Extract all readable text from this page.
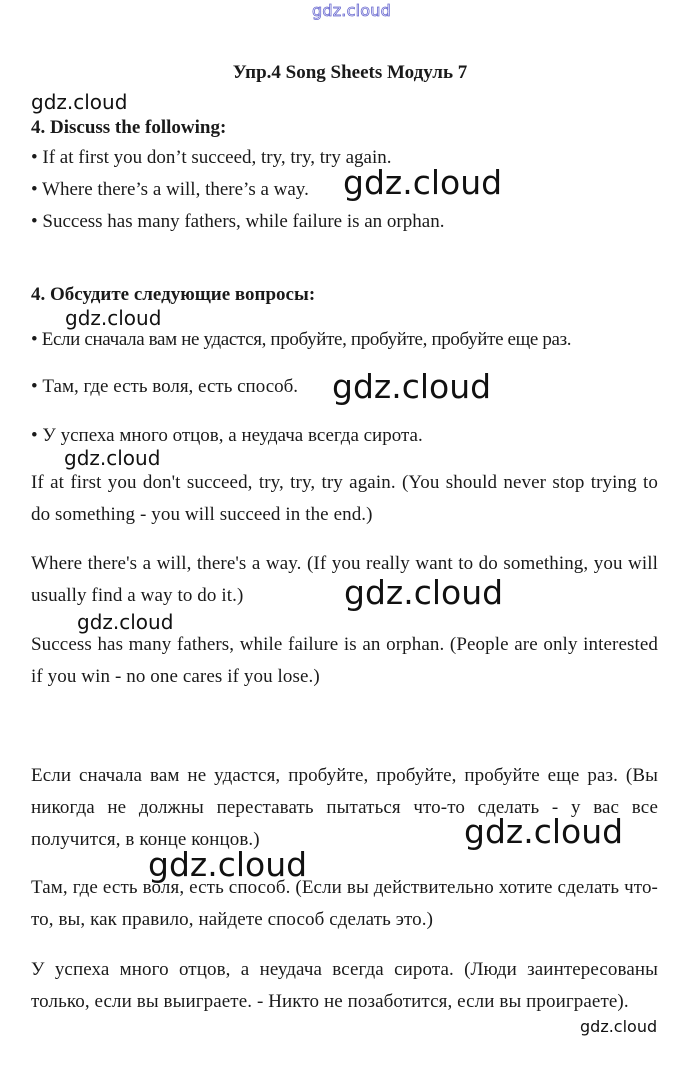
gdz.cloud
gdz.cloud
gdz.cloud
gdz.cloud
gdz.cloud
gdz.cloud
gdz.cloud
gdz.cloud
gdz.cloud
gdz.cloud
gdz.cloud
Упр.4 Song Sheets Модуль 7
4. Discuss the following:
• If at first you don’t succeed, try, try, try again.
• Where there’s a will, there’s a way.
• Success has many fathers, while failure is an orphan.
4. Обсудите следующие вопросы:
• Если сначала вам не удастся, пробуйте, пробуйте, пробуйте еще раз.
• Там, где есть воля, есть способ.
• У успеха много отцов, а неудача всегда сирота.
If at first you don't succeed, try, try, try again. (You should never stop trying to do something - you will succeed in the end.)
Where there's a will, there's a way. (If you really want to do something, you will usually find a way to do it.)
Success has many fathers, while failure is an orphan. (People are only interested if you win - no one cares if you lose.)
Если сначала вам не удастся, пробуйте, пробуйте, пробуйте еще раз. (Вы никогда не должны переставать пытаться что-то сделать - у вас все получится, в конце концов.)
Там, где есть воля, есть способ. (Если вы действительно хотите сделать что-то, вы, как правило, найдете способ сделать это.)
У успеха много отцов, а неудача всегда сирота. (Люди заинтересованы только, если вы выиграете. - Никто не позаботится, если вы проиграете).
